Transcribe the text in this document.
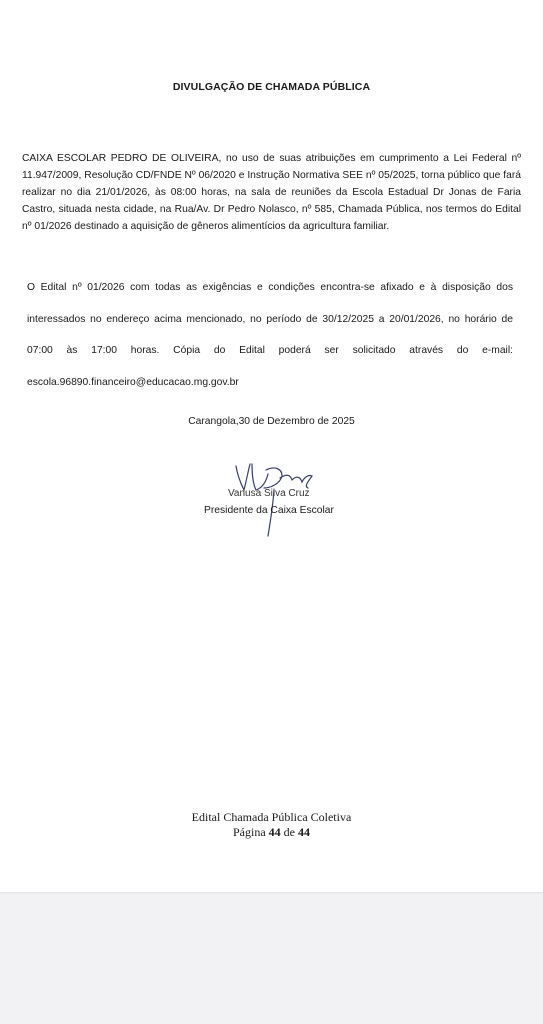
DIVULGAÇÃO DE CHAMADA PÚBLICA
CAIXA ESCOLAR PEDRO DE OLIVEIRA, no uso de suas atribuições em cumprimento a Lei Federal nº 11.947/2009, Resolução CD/FNDE Nº 06/2020 e Instrução Normativa SEE nº 05/2025, torna público que fará realizar no dia 21/01/2026, às 08:00 horas, na sala de reuniões da Escola Estadual Dr Jonas de Faria Castro, situada nesta cidade, na Rua/Av. Dr Pedro Nolasco, nº 585, Chamada Pública, nos termos do Edital nº 01/2026 destinado a aquisição de gêneros alimentícios da agricultura familiar.
O Edital nº 01/2026 com todas as exigências e condições encontra-se afixado e à disposição dos interessados no endereço acima mencionado, no período de 30/12/2025 a 20/01/2026, no horário de 07:00 às 17:00 horas. Cópia do Edital poderá ser solicitado através do e-mail: escola.96890.financeiro@educacao.mg.gov.br
Carangola,30 de Dezembro de 2025
Vanusa Silva Cruz
Presidente da Caixa Escolar
Edital Chamada Pública Coletiva
Página 44 de 44
